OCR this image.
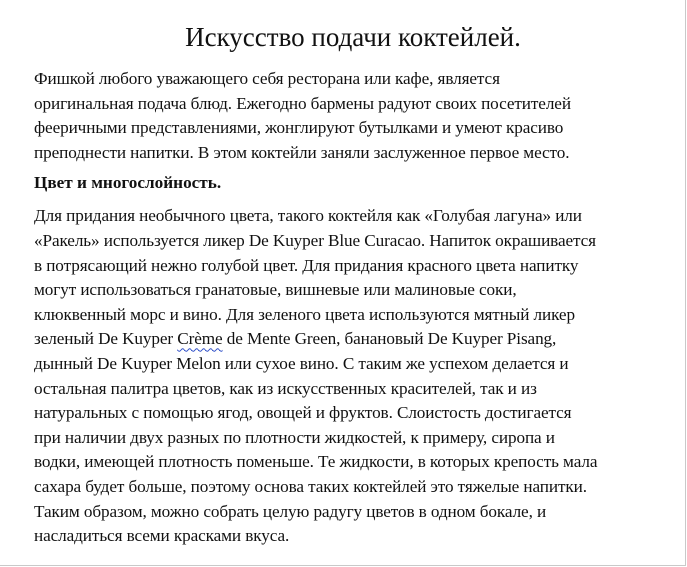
Искусство подачи коктейлей.

Фишкой любого уважающего себя ресторана или кафе, является
оригинальная подача блюд. Ежегодно бармены радуют своих посетителей
фееричными представлениями, жонглируют бутылками и умеют красиво
преподнести напитки. В этом коктейли заняли заслуженное первое место.

Цвет и многослойность.

Для придания необычного цвета, такого коктейля как «Голубая лагуна» или
«Ракель» используется ликер De Kuyper Blue Curacao. Напиток окрашивается
в потрясающий нежно голубой цвет. Для придания красного цвета напитку
могут использоваться гранатовые, вишневые или малиновые соки,
клюквенный морс и вино. Для зеленого цвета используются мятный ликер
зеленый De Kuyper Crème de Mente Green, банановый De Kuyper Pisang,
дынный De Kuyper Melon или сухое вино. С таким же успехом делается и
остальная палитра цветов, как из искусственных красителей, так и из
натуральных с помощью ягод, овощей и фруктов. Слоистость достигается
при наличии двух разных по плотности жидкостей, к примеру, сиропа и
водки, имеющей плотность поменьше. Те жидкости, в которых крепость мала
сахара будет больше, поэтому основа таких коктейлей это тяжелые напитки.
Таким образом, можно собрать целую радугу цветов в одном бокале, и
насладиться всеми красками вкуса.
